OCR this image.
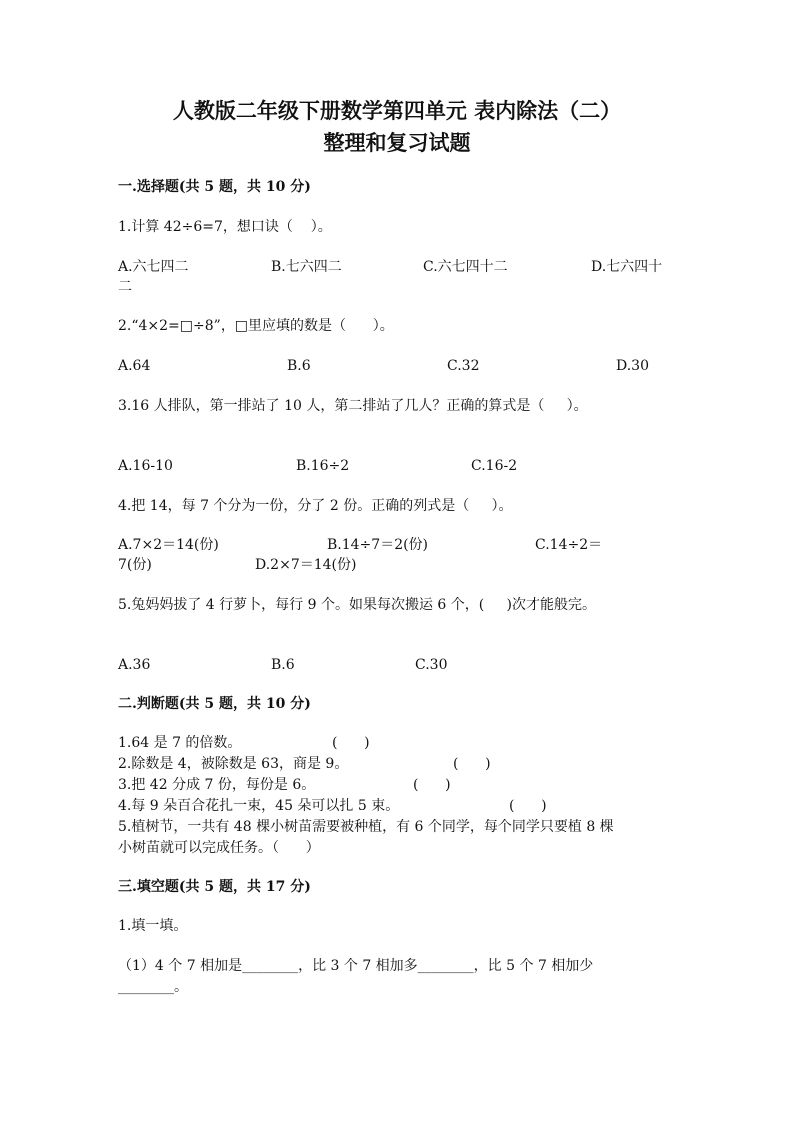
人教版二年级下册数学第四单元 表内除法（二）
整理和复习试题
一.选择题(共 5 题，共 10 分)
1.计算 42÷6=7，想口诀（    ）。
A.六七四二	B.七六四二	C.六七四十二	D.七六四十
二
2.“4×2=□÷8”，□里应填的数是（      ）。
A.64	B.6	C.32	D.30
3.16 人排队，第一排站了 10 人，第二排站了几人？正确的算式是（     ）。
A.16-10	B.16÷2	C.16-2
4.把 14，每 7 个分为一份，分了 2 份。正确的列式是（     ）。
A.7×2＝14(份)	B.14÷7＝2(份)	C.14÷2＝
7(份)	D.2×7＝14(份)
5.兔妈妈拔了 4 行萝卜，每行 9 个。如果每次搬运 6 个，(     )次才能般完。
A.36	B.6	C.30
二.判断题(共 5 题，共 10 分)
1.64 是 7 的倍数。	(      )
2.除数是 4，被除数是 63，商是 9。	(      )
3.把 42 分成 7 份，每份是 6。	(      )
4.每 9 朵百合花扎一束，45 朵可以扎 5 束。	(      )
5.植树节，一共有 48 棵小树苗需要被种植，有 6 个同学，每个同学只要植 8 棵
小树苗就可以完成任务。（      ）
三.填空题(共 5 题，共 17 分)
1.填一填。
（1）4 个 7 相加是________，比 3 个 7 相加多________，比 5 个 7 相加少
________。
